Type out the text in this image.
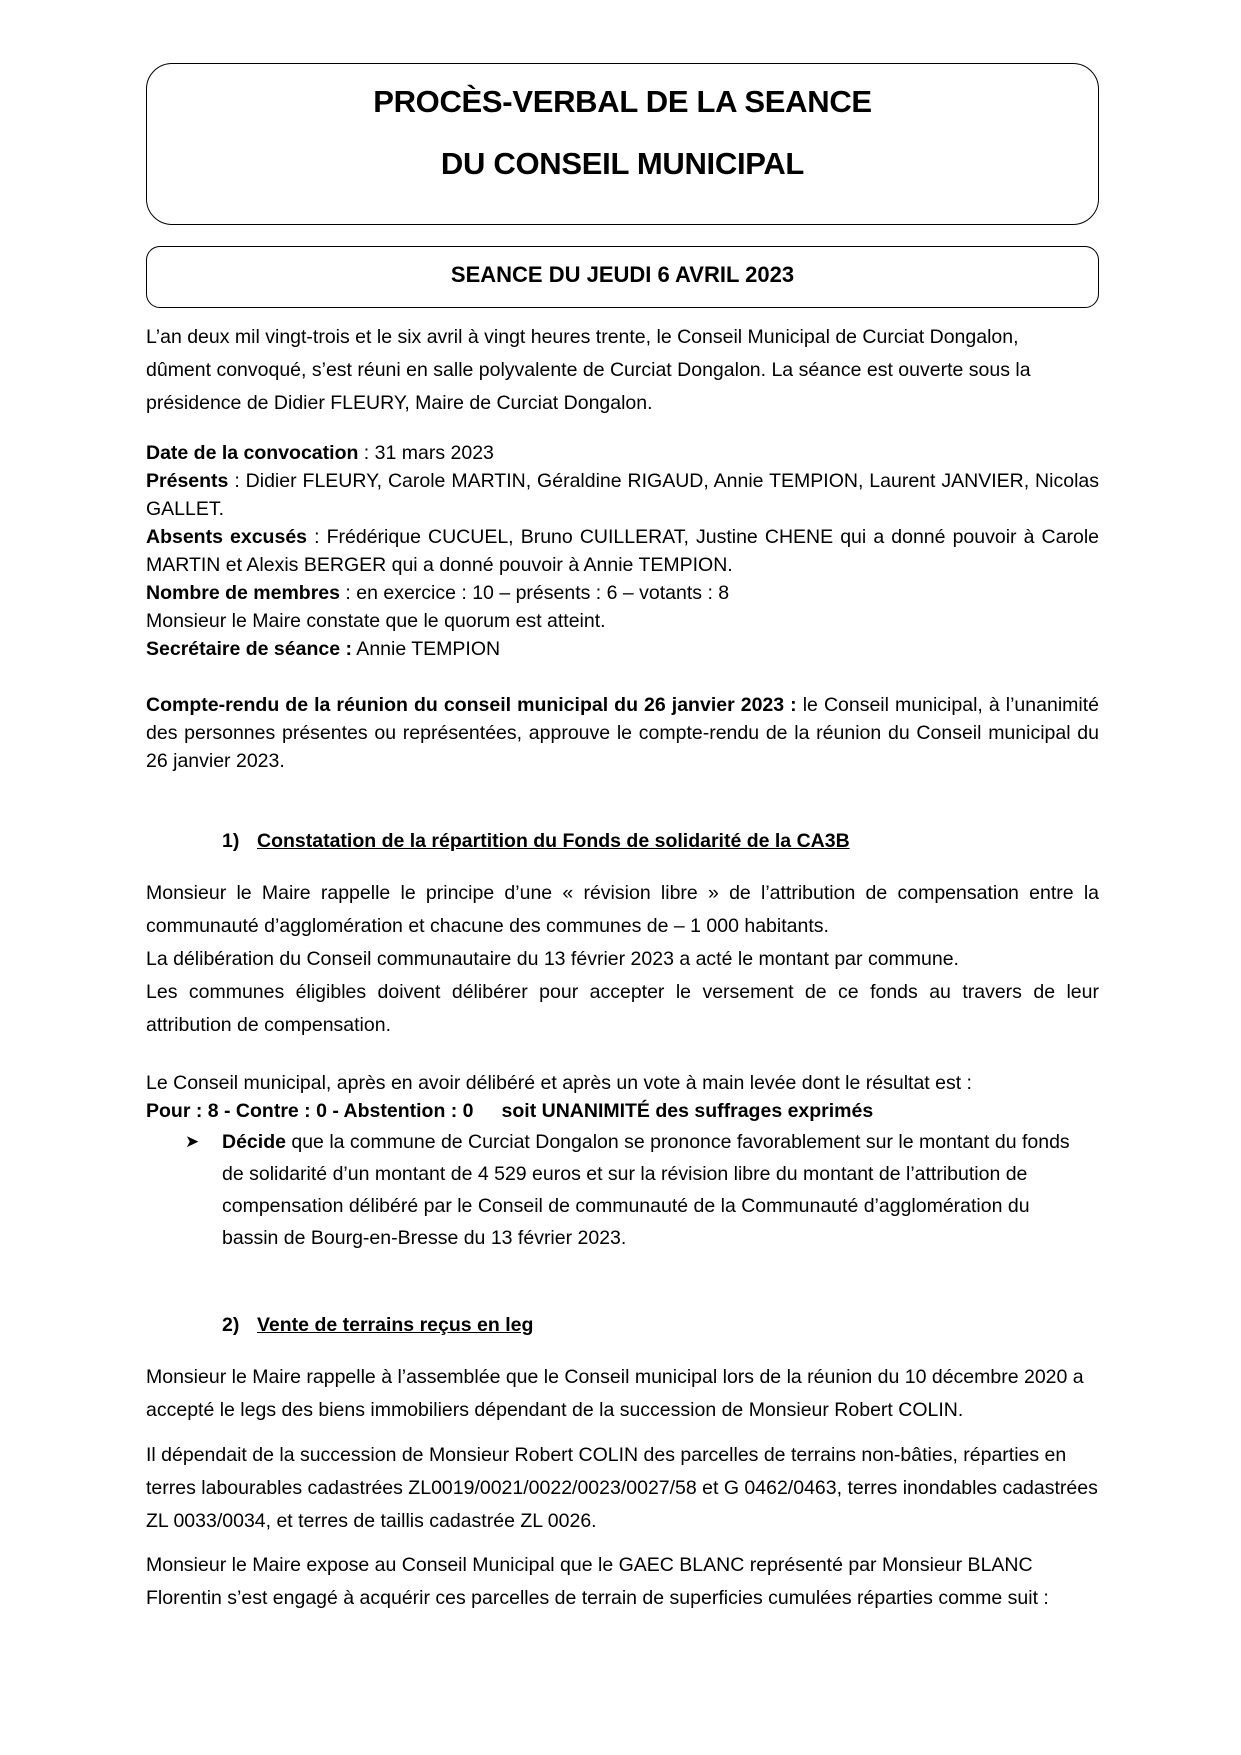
PROCÈS-VERBAL DE LA SEANCE
DU CONSEIL MUNICIPAL
SEANCE DU JEUDI 6 AVRIL 2023
L’an deux mil vingt-trois et le six avril à vingt heures trente, le Conseil Municipal de Curciat Dongalon,
dûment convoqué, s’est réuni en salle polyvalente de Curciat Dongalon. La séance est ouverte sous la
présidence de Didier FLEURY, Maire de Curciat Dongalon.
Date de la convocation : 31 mars 2023
Présents : Didier FLEURY, Carole MARTIN, Géraldine RIGAUD, Annie TEMPION, Laurent JANVIER, Nicolas GALLET.
Absents excusés : Frédérique CUCUEL, Bruno CUILLERAT, Justine CHENE qui a donné pouvoir à Carole MARTIN et Alexis BERGER qui a donné pouvoir à Annie TEMPION.
Nombre de membres : en exercice : 10 – présents : 6 – votants : 8
Monsieur le Maire constate que le quorum est atteint.
Secrétaire de séance : Annie TEMPION
Compte-rendu de la réunion du conseil municipal du 26 janvier 2023 : le Conseil municipal, à l’unanimité des personnes présentes ou représentées, approuve le compte-rendu de la réunion du Conseil municipal du 26 janvier 2023.
1) Constatation de la répartition du Fonds de solidarité de la CA3B
Monsieur le Maire rappelle le principe d’une « révision libre » de l’attribution de compensation entre la communauté d’agglomération et chacune des communes de – 1 000 habitants.
La délibération du Conseil communautaire du 13 février 2023 a acté le montant par commune.
Les communes éligibles doivent délibérer pour accepter le versement de ce fonds au travers de leur attribution de compensation.
Le Conseil municipal, après en avoir délibéré et après un vote à main levée dont le résultat est :
Pour : 8 - Contre : 0 - Abstention : 0 soit UNANIMITÉ des suffrages exprimés
➤ Décide que la commune de Curciat Dongalon se prononce favorablement sur le montant du fonds de solidarité d’un montant de 4 529 euros et sur la révision libre du montant de l’attribution de compensation délibéré par le Conseil de communauté de la Communauté d’agglomération du bassin de Bourg-en-Bresse du 13 février 2023.
2) Vente de terrains reçus en leg
Monsieur le Maire rappelle à l’assemblée que le Conseil municipal lors de la réunion du 10 décembre 2020 a accepté le legs des biens immobiliers dépendant de la succession de Monsieur Robert COLIN.
Il dépendait de la succession de Monsieur Robert COLIN des parcelles de terrains non-bâties, réparties en terres labourables cadastrées ZL0019/0021/0022/0023/0027/58 et G 0462/0463, terres inondables cadastrées ZL 0033/0034, et terres de taillis cadastrée ZL 0026.
Monsieur le Maire expose au Conseil Municipal que le GAEC BLANC représenté par Monsieur BLANC Florentin s’est engagé à acquérir ces parcelles de terrain de superficies cumulées réparties comme suit :
